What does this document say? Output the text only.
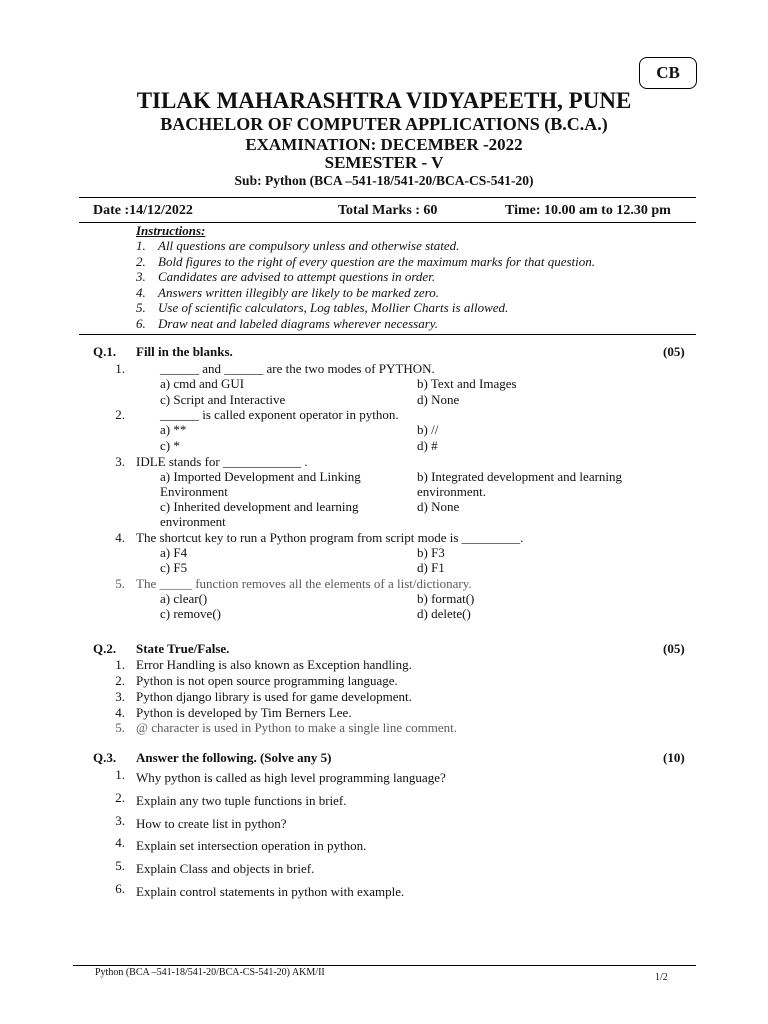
CB
TILAK MAHARASHTRA VIDYAPEETH, PUNE
BACHELOR OF COMPUTER APPLICATIONS (B.C.A.)
EXAMINATION: DECEMBER -2022
SEMESTER - V
Sub: Python (BCA –541-18/541-20/BCA-CS-541-20)
Date :14/12/2022	Total Marks : 60	Time: 10.00 am to 12.30 pm
Instructions:
1. All questions are compulsory unless and otherwise stated.
2. Bold figures to the right of every question are the maximum marks for that question.
3. Candidates are advised to attempt questions in order.
4. Answers written illegibly are likely to be marked zero.
5. Use of scientific calculators, Log tables, Mollier Charts is allowed.
6. Draw neat and labeled diagrams wherever necessary.
Q.1. Fill in the blanks.	(05)
1.	______ and ______ are the two modes of PYTHON.
a) cmd and GUI	b) Text and Images
c) Script and Interactive	d) None
2.	______ is called exponent operator in python.
a) **	b) //
c) *	d) #
3. IDLE stands for ____________ .
a) Imported Development and Linking
Environment
b) Integrated development and learning
environment.
c) Inherited development and learning
environment
d) None
4. The shortcut key to run a Python program from script mode is _________.
a) F4	b) F3
c) F5	d) F1
5. The _____ function removes all the elements of a list/dictionary.
a) clear()	b) format()
c) remove()	d) delete()
Q.2. State True/False.	(05)
1. Error Handling is also known as Exception handling.
2. Python is not open source programming language.
3. Python django library is used for game development.
4. Python is developed by Tim Berners Lee.
5. @ character is used in Python to make a single line comment.
Q.3. Answer the following. (Solve any 5)	(10)
1. Why python is called as high level programming language?
2. Explain any two tuple functions in brief.
3. How to create list in python?
4. Explain set intersection operation in python.
5. Explain Class and objects in brief.
6. Explain control statements in python with example.
Python (BCA –541-18/541-20/BCA-CS-541-20) AKM/II	1/2
